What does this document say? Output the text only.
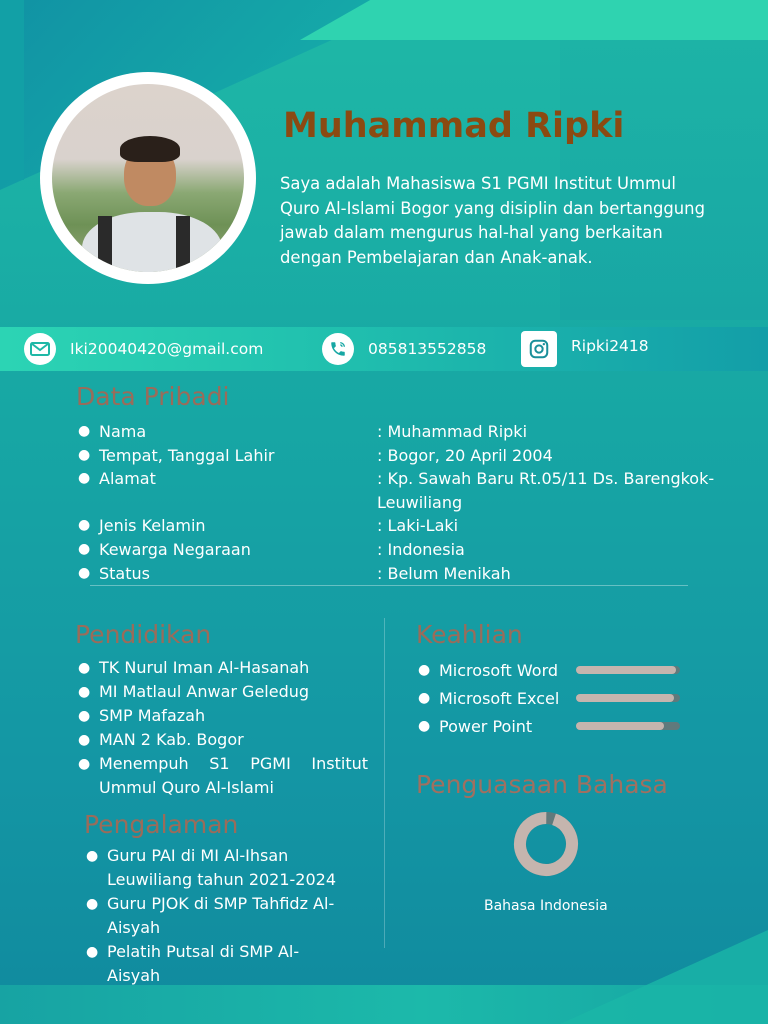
Muhammad Ripki
Saya adalah Mahasiswa S1 PGMI Institut Ummul Quro Al-Islami Bogor yang disiplin dan bertanggung jawab dalam mengurus hal-hal yang berkaitan dengan Pembelajaran dan Anak-anak.
Iki20040420@gmail.com	085813552858	Ripki2418
Data Pribadi
● Nama	: Muhammad Ripki
● Tempat, Tanggal Lahir	: Bogor, 20 April 2004
● Alamat	: Kp. Sawah Baru Rt.05/11 Ds. Barengkok-Leuwiliang
● Jenis Kelamin	: Laki-Laki
● Kewarga Negaraan	: Indonesia
● Status	: Belum Menikah
Pendidikan
● TK Nurul Iman Al-Hasanah
● MI Matlaul Anwar Geledug
● SMP Mafazah
● MAN 2 Kab. Bogor
● Menempuh S1 PGMI Institut Ummul Quro Al-Islami
Pengalaman
● Guru PAI di MI Al-Ihsan Leuwiliang tahun 2021-2024
● Guru PJOK di SMP Tahfidz Al-Aisyah
● Pelatih Putsal di SMP Al-Aisyah
Keahlian
● Microsoft Word
● Microsoft Excel
● Power Point
Penguasaan Bahasa
Bahasa Indonesia
